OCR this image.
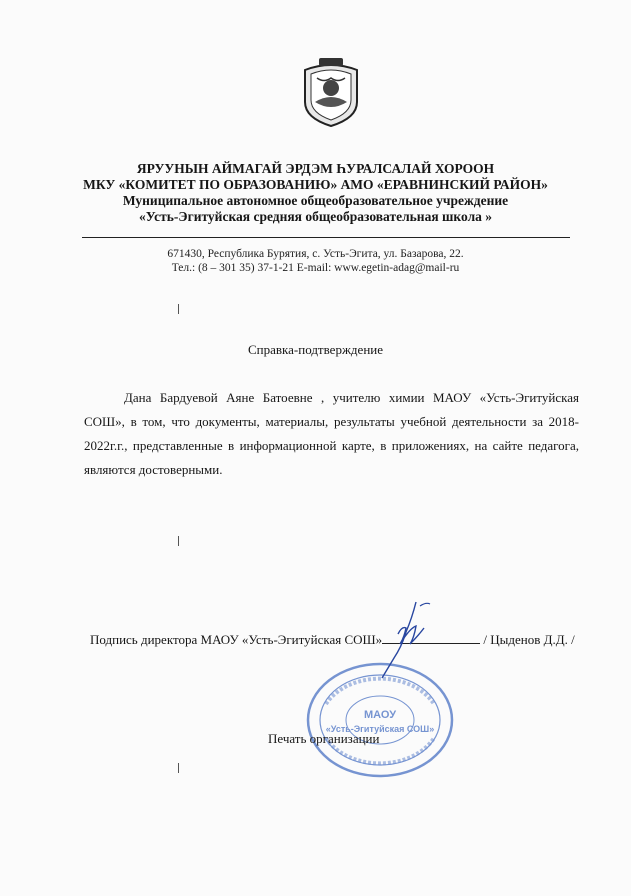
ЯРУУНЫН АЙМАГАЙ ЭРДЭМ ҺУРАЛСАЛАЙ ХОРООН
МКУ «КОМИТЕТ ПО ОБРАЗОВАНИЮ» АМО «ЕРАВНИНСКИЙ РАЙОН»
Муниципальное автономное общеобразовательное учреждение
«Усть-Эгитуйская средняя общеобразовательная школа »
671430, Республика Бурятия, с. Усть-Эгита, ул. Базарова, 22.
Тел.: (8 – 301 35) 37-1-21 E-mail: www.egetin-adag@mail-ru
Справка-подтверждение

Дана Бардуевой Аяне Батоевне , учителю химии МАОУ «Усть-Эгитуйская СОШ», в том, что документы, материалы, результаты учебной деятельности за 2018-2022г.г., представленные в информационной карте, в приложениях, на сайте педагога, являются достоверными.

Подпись директора МАОУ «Усть-Эгитуйская СОШ»	/ Цыденов Д.Д. /
МАОУ
«Усть-Эгитуйская СОШ»
Печать организации
